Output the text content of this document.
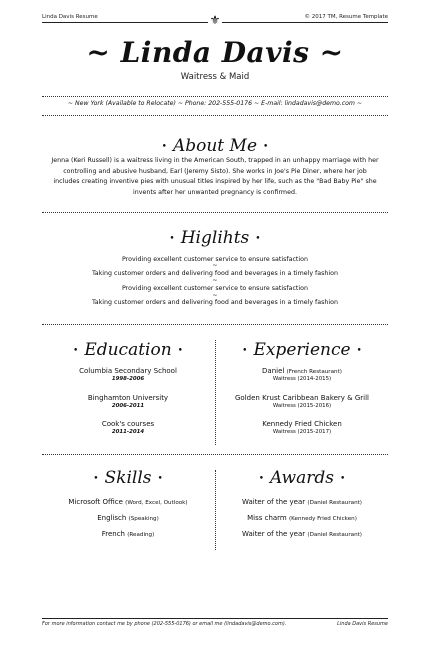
Linda Davis Resume	© 2017 TM, Resume Template
⚜
~ Linda Davis ~
Waitress & Maid
~ New York (Available to Relocate) ~ Phone: 202-555-0176 ~ E-mail: lindadavis@demo.com ~
• About Me •
Jenna (Keri Russell) is a waitress living in the American South, trapped in an unhappy marriage with her controlling and abusive husband, Earl (Jeremy Sisto). She works in Joe's Pie Diner, where her job includes creating inventive pies with unusual titles inspired by her life, such as the "Bad Baby Pie" she invents after her unwanted pregnancy is confirmed.
• Higlihts •
Providing excellent customer service to ensure satisfaction
~
Taking customer orders and delivering food and beverages in a timely fashion
~
Providing excellent customer service to ensure satisfaction
~
Taking customer orders and delivering food and beverages in a timely fashion
• Education •
Columbia Secondary School
1998-2006
Binghamton University
2006-2011
Cook's courses
2011-2014
• Experience •
Daniel (French Restaurant)
Waitress (2014-2015)
Golden Krust Caribbean Bakery & Grill
Waitress (2015-2016)
Kennedy Fried Chicken
Waitress (2015-2017)
• Skills •
Microsoft Office (Word, Excel, Outlook)
Englisch (Speaking)
French (Reading)
• Awards •
Waiter of the year (Daniel Restaurant)
Miss charm (Kennedy Fried Chicken)
Waiter of the year (Daniel Restaurant)
For more information contact me by phone (202-555-0176) or email me (lindadavis@demo.com).	Linda Davis Resume
